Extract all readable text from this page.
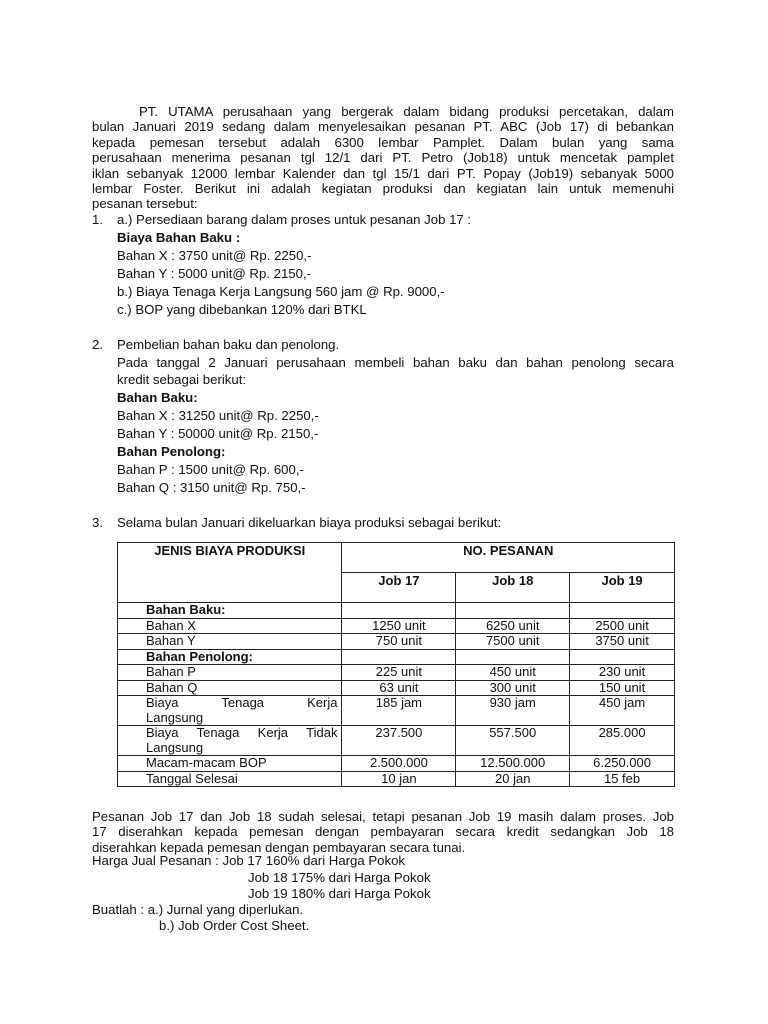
PT. UTAMA perusahaan yang bergerak dalam bidang produksi percetakan, dalam
bulan Januari 2019 sedang dalam menyelesaikan pesanan PT. ABC (Job 17) di bebankan
kepada pemesan tersebut adalah 6300 lembar Pamplet. Dalam bulan yang sama
perusahaan menerima pesanan tgl 12/1 dari PT. Petro (Job18) untuk mencetak pamplet
iklan sebanyak 12000 lembar Kalender dan tgl 15/1 dari PT. Popay (Job19) sebanyak 5000
lembar Foster. Berikut ini adalah kegiatan produksi dan kegiatan lain untuk memenuhi
pesanan tersebut:
1. a.) Persediaan barang dalam proses untuk pesanan Job 17 :
Biaya Bahan Baku :
Bahan X : 3750 unit@ Rp. 2250,-
Bahan Y : 5000 unit@ Rp. 2150,-
b.) Biaya Tenaga Kerja Langsung 560 jam @ Rp. 9000,-
c.) BOP yang dibebankan 120% dari BTKL
2. Pembelian bahan baku dan penolong.
Pada tanggal 2 Januari perusahaan membeli bahan baku dan bahan penolong secara
kredit sebagai berikut:
Bahan Baku:
Bahan X : 31250 unit@ Rp. 2250,-
Bahan Y : 50000 unit@ Rp. 2150,-
Bahan Penolong:
Bahan P : 1500 unit@ Rp. 600,-
Bahan Q : 3150 unit@ Rp. 750,-
3. Selama bulan Januari dikeluarkan biaya produksi sebagai berikut:
JENIS BIAYA PRODUKSI	NO. PESANAN		
	Job 17	Job 18	Job 19
Bahan Baku:			
Bahan X	1250 unit	6250 unit	2500 unit
Bahan Y	750 unit	7500 unit	3750 unit
Bahan Penolong:			
Bahan P	225 unit	450 unit	230 unit
Bahan Q	63 unit	300 unit	150 unit

Biaya Tenaga Kerja
Langsung	185 jam	930 jam	450 jam

Biaya Tenaga Kerja Tidak
Langsung	237.500	557.500	285.000
Macam-macam BOP	2.500.000	12.500.000	6.250.000
Tanggal Selesai	10 jan	20 jan	15 feb
Pesanan Job 17 dan Job 18 sudah selesai, tetapi pesanan Job 19 masih dalam proses. Job
17 diserahkan kepada pemesan dengan pembayaran secara kredit sedangkan Job 18
diserahkan kepada pemesan dengan pembayaran secara tunai.
Harga Jual Pesanan : Job 17 160% dari Harga Pokok
Job 18 175% dari Harga Pokok
Job 19 180% dari Harga Pokok
Buatlah : a.) Jurnal yang diperlukan.
b.) Job Order Cost Sheet.
